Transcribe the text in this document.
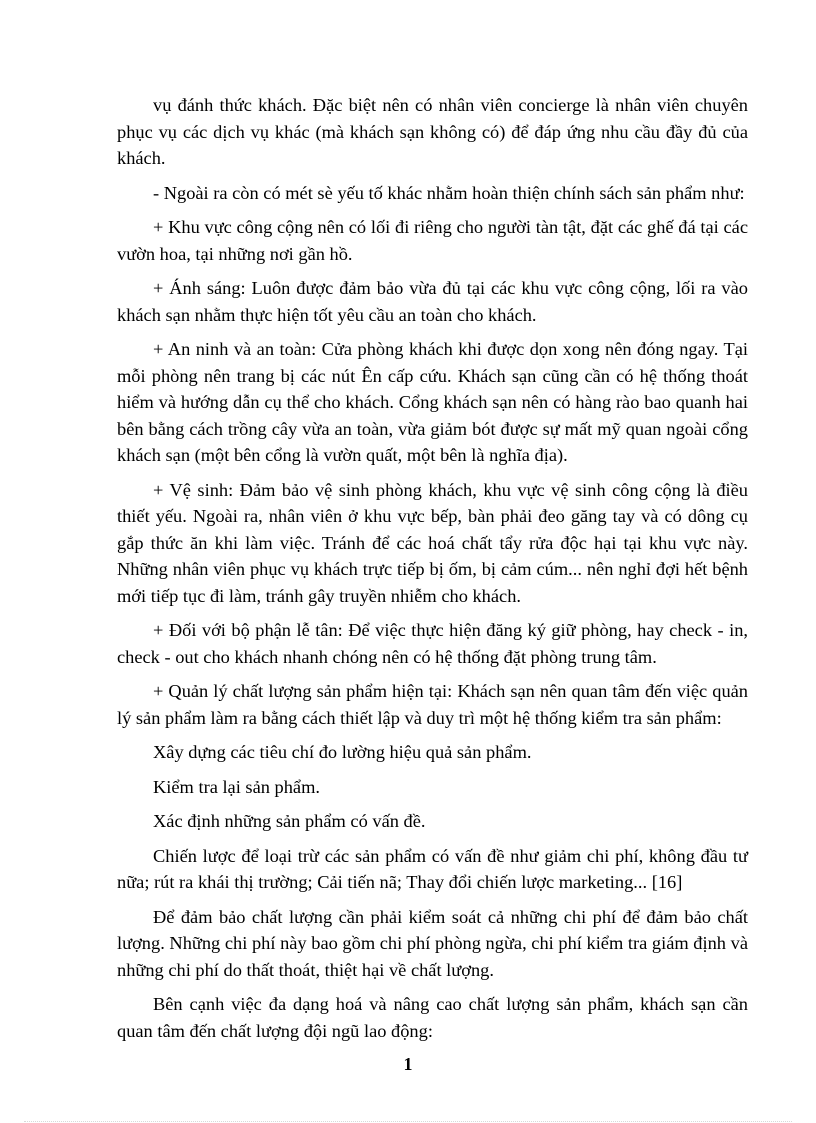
vụ đánh thức khách. Đặc biệt nên có nhân viên concierge là nhân viên chuyên phục vụ các dịch vụ khác (mà khách sạn không có) để đáp ứng nhu cầu đầy đủ của khách.

- Ngoài ra còn có mét sè yếu tố khác nhằm hoàn thiện chính sách sản phẩm như:

+ Khu vực công cộng nên có lối đi riêng cho người tàn tật, đặt các ghế đá tại các vườn hoa, tại những nơi gần hồ.

+ Ánh sáng: Luôn được đảm bảo vừa đủ tại các khu vực công cộng, lối ra vào khách sạn nhằm thực hiện tốt yêu cầu an toàn cho khách.

+ An ninh và an toàn: Cửa phòng khách khi được dọn xong nên đóng ngay. Tại mỗi phòng nên trang bị các nút Ên cấp cứu. Khách sạn cũng cần có hệ thống thoát hiểm và hướng dẫn cụ thể cho khách. Cổng khách sạn nên có hàng rào bao quanh hai bên bằng cách trồng cây vừa an toàn, vừa giảm bót được sự mất mỹ quan ngoài cổng khách sạn (một bên cổng là vườn quất, một bên là nghĩa địa).

+ Vệ sinh: Đảm bảo vệ sinh phòng khách, khu vực vệ sinh công cộng là điều thiết yếu. Ngoài ra, nhân viên ở khu vực bếp, bàn phải đeo găng tay và có dông cụ gắp thức ăn khi làm việc. Tránh để các hoá chất tẩy rửa độc hại tại khu vực này. Những nhân viên phục vụ khách trực tiếp bị ốm, bị cảm cúm... nên nghỉ đợi hết bệnh mới tiếp tục đi làm, tránh gây truyền nhiễm cho khách.

+ Đối với bộ phận lễ tân: Để việc thực hiện đăng ký giữ phòng, hay check - in, check - out cho khách nhanh chóng nên có hệ thống đặt phòng trung tâm.

+ Quản lý chất lượng sản phẩm hiện tại: Khách sạn nên quan tâm đến việc quản lý sản phẩm làm ra bằng cách thiết lập và duy trì một hệ thống kiểm tra sản phẩm:

Xây dựng các tiêu chí đo lường hiệu quả sản phẩm.

Kiểm tra lại sản phẩm.

Xác định những sản phẩm có vấn đề.

Chiến lược để loại trừ các sản phẩm có vấn đề như giảm chi phí, không đầu tư nữa; rút ra khái thị trường; Cải tiến nã; Thay đổi chiến lược marketing... [16]

Để đảm bảo chất lượng cần phải kiểm soát cả những chi phí để đảm bảo chất lượng. Những chi phí này bao gồm chi phí phòng ngừa, chi phí kiểm tra giám định và những chi phí do thất thoát, thiệt hại về chất lượng.

Bên cạnh việc đa dạng hoá và nâng cao chất lượng sản phẩm, khách sạn cần quan tâm đến chất lượng đội ngũ lao động:

1
